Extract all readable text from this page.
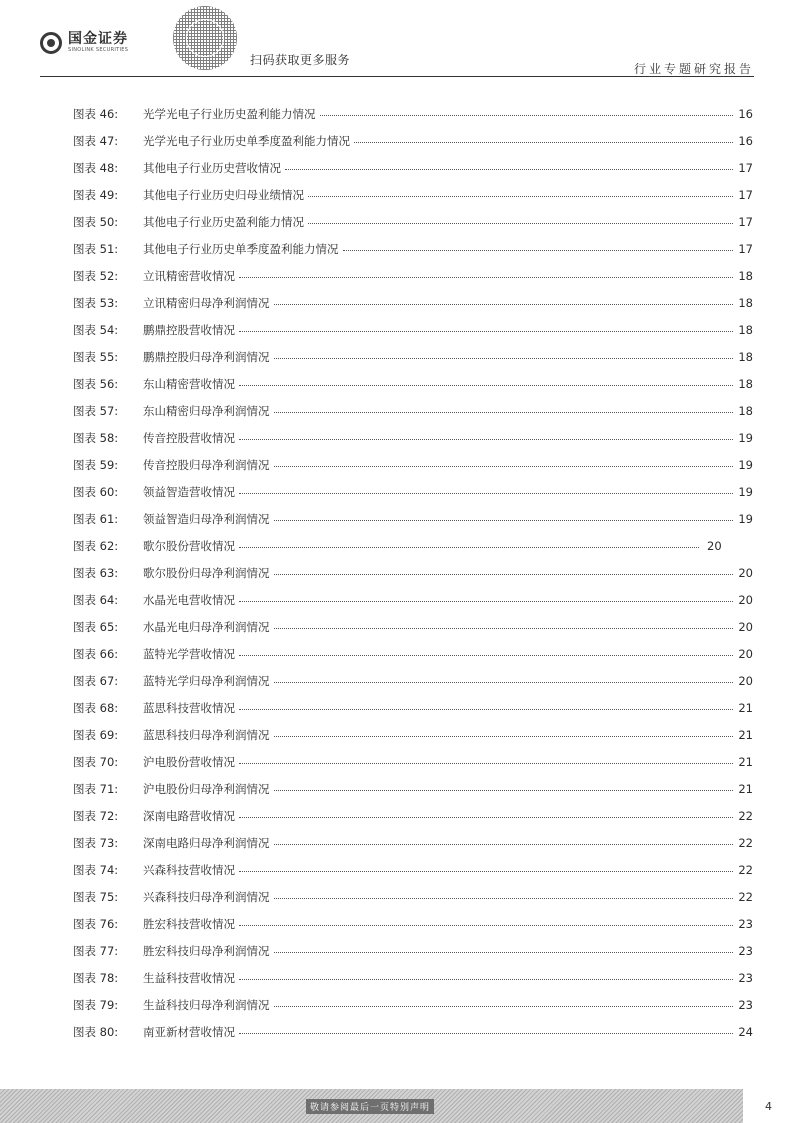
国金证券
SINOLINK SECURITIES
扫码获取更多服务
行业专题研究报告
图表 46:	光学光电子行业历史盈利能力情况	16
图表 47:	光学光电子行业历史单季度盈利能力情况	16
图表 48:	其他电子行业历史营收情况	17
图表 49:	其他电子行业历史归母业绩情况	17
图表 50:	其他电子行业历史盈利能力情况	17
图表 51:	其他电子行业历史单季度盈利能力情况	17
图表 52:	立讯精密营收情况	18
图表 53:	立讯精密归母净利润情况	18
图表 54:	鹏鼎控股营收情况	18
图表 55:	鹏鼎控股归母净利润情况	18
图表 56:	东山精密营收情况	18
图表 57:	东山精密归母净利润情况	18
图表 58:	传音控股营收情况	19
图表 59:	传音控股归母净利润情况	19
图表 60:	领益智造营收情况	19
图表 61:	领益智造归母净利润情况	19
图表 62:	歌尔股份营收情况	20
图表 63:	歌尔股份归母净利润情况	20
图表 64:	水晶光电营收情况	20
图表 65:	水晶光电归母净利润情况	20
图表 66:	蓝特光学营收情况	20
图表 67:	蓝特光学归母净利润情况	20
图表 68:	蓝思科技营收情况	21
图表 69:	蓝思科技归母净利润情况	21
图表 70:	沪电股份营收情况	21
图表 71:	沪电股份归母净利润情况	21
图表 72:	深南电路营收情况	22
图表 73:	深南电路归母净利润情况	22
图表 74:	兴森科技营收情况	22
图表 75:	兴森科技归母净利润情况	22
图表 76:	胜宏科技营收情况	23
图表 77:	胜宏科技归母净利润情况	23
图表 78:	生益科技营收情况	23
图表 79:	生益科技归母净利润情况	23
图表 80:	南亚新材营收情况	24
敬请参阅最后一页特别声明	4
